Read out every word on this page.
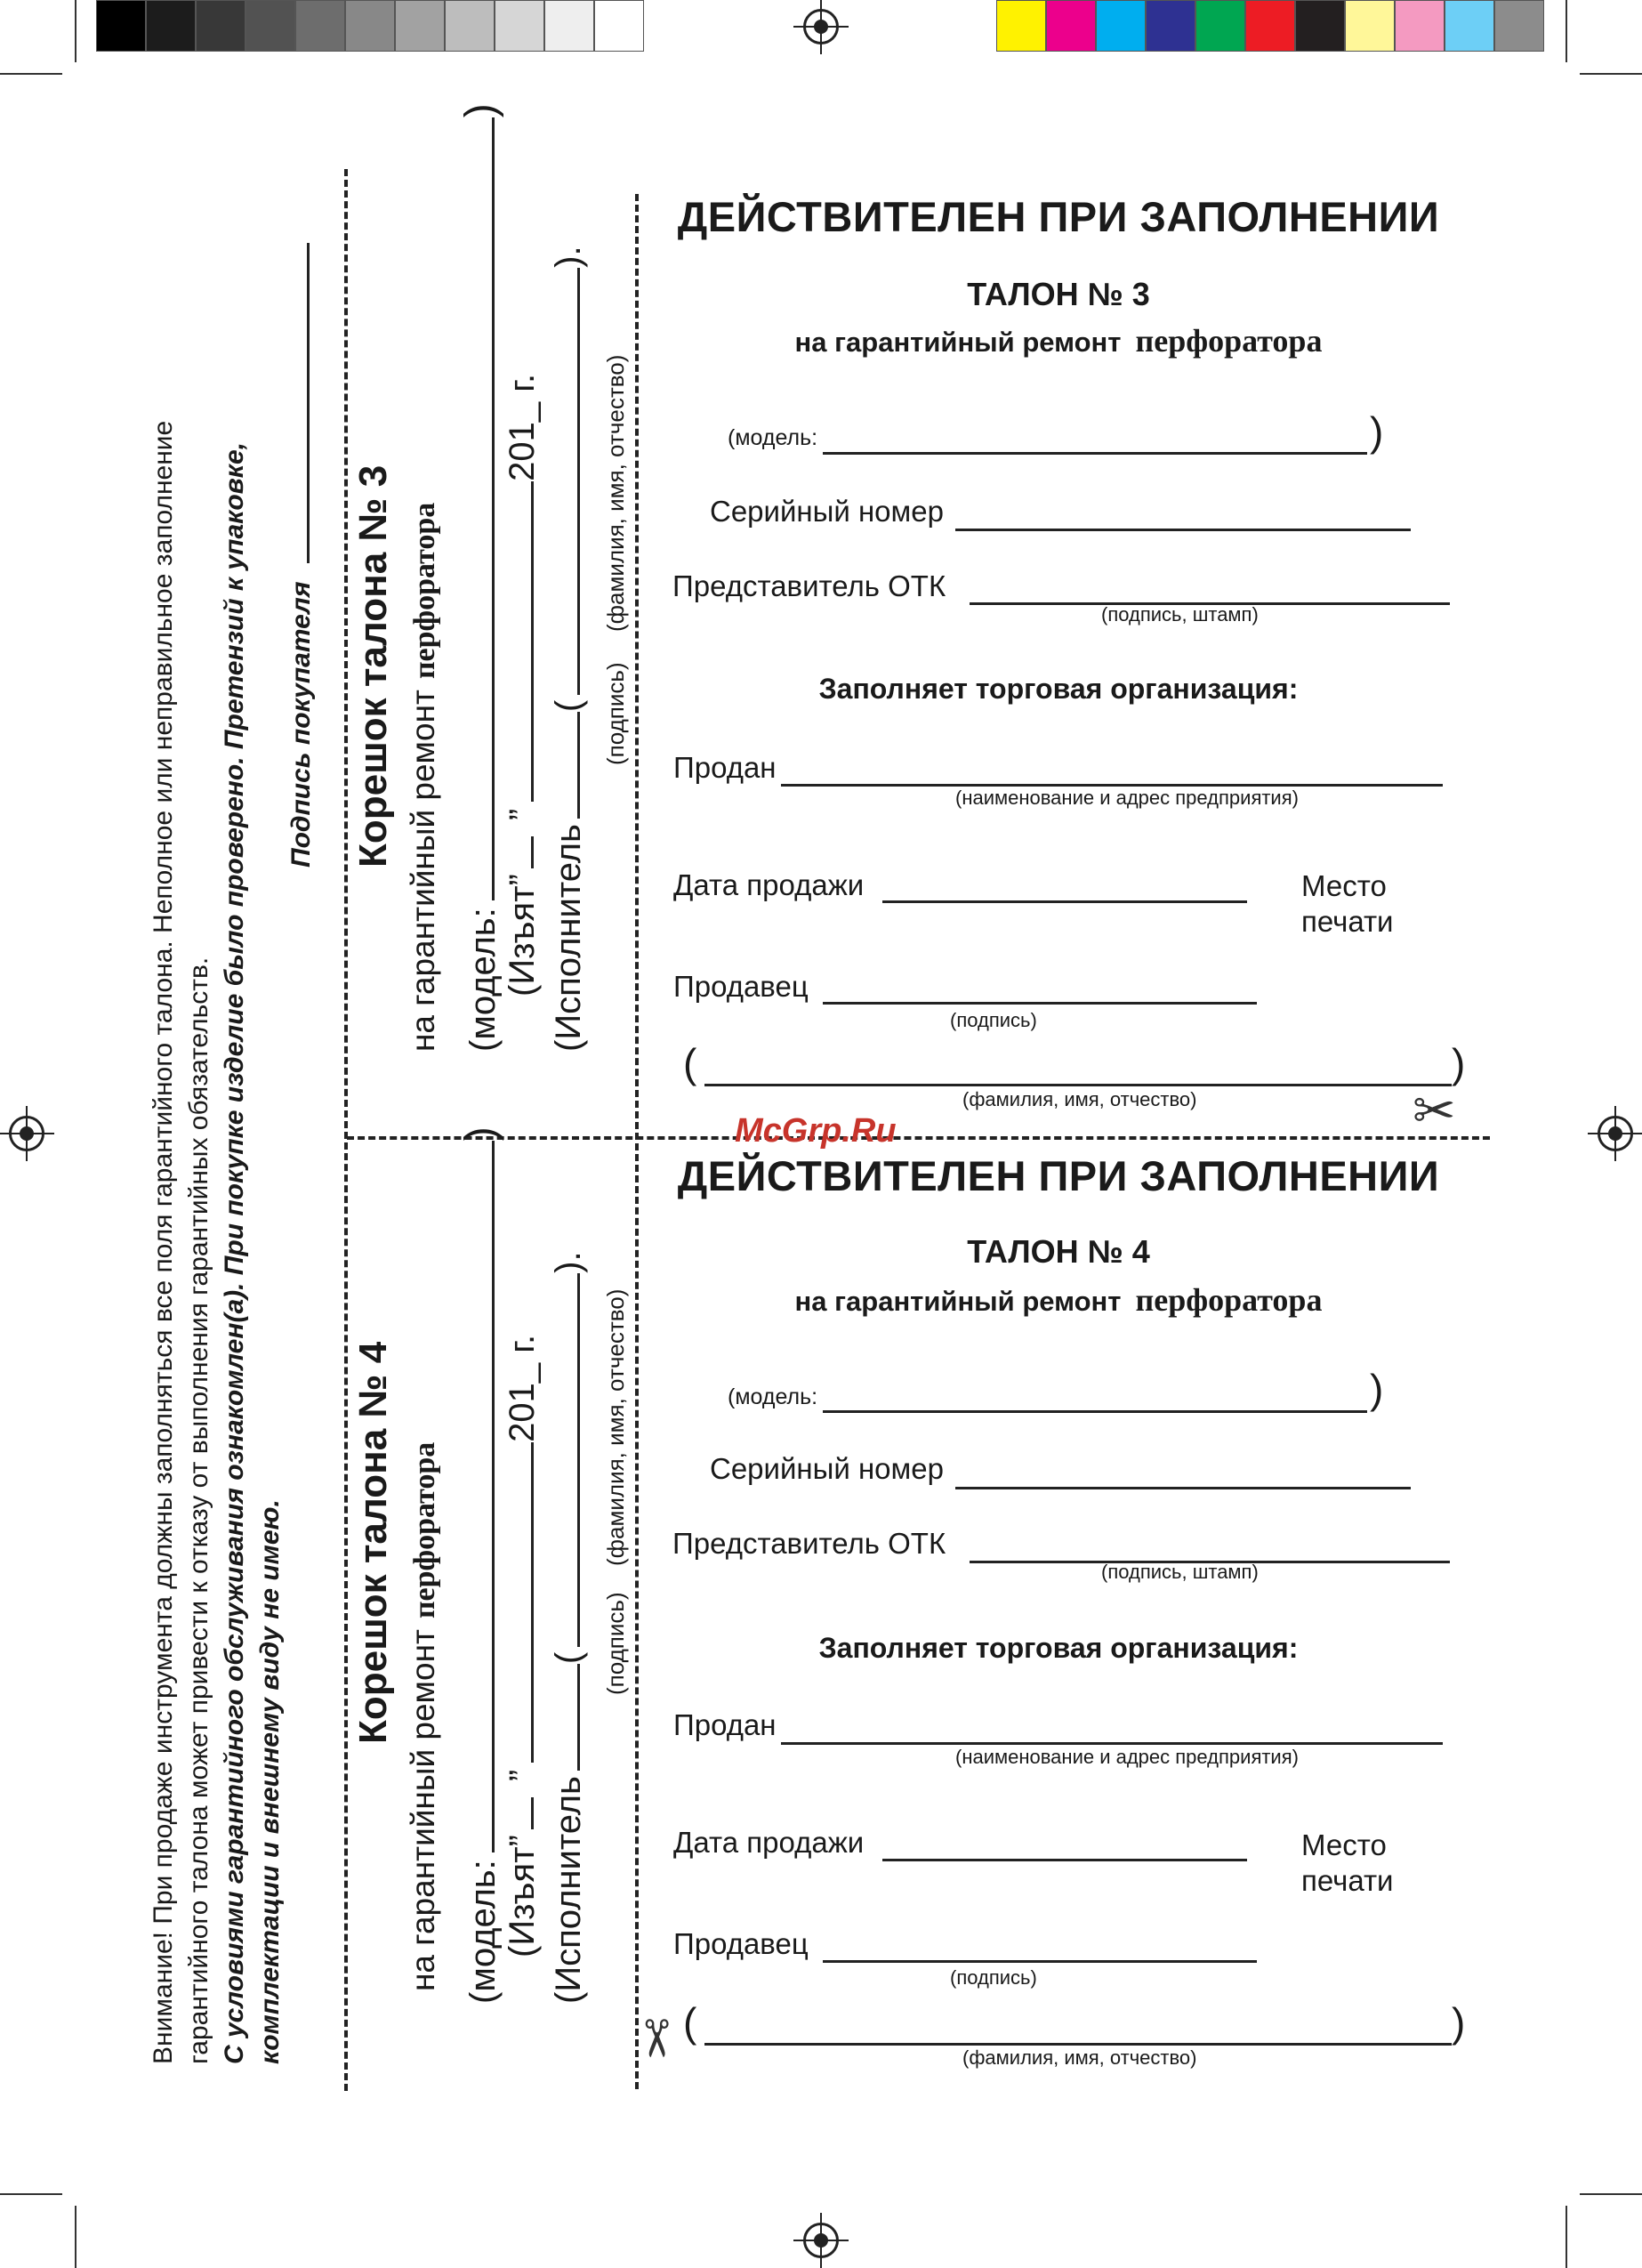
✂
✂
Внимание! При продаже инструмента должны заполняться все поля гарантийного талона. Неполное или неправильное заполнение гарантийного талона может привести к отказу от выполнения гарантийных обязательств. С условиями гарантийного обслуживания ознакомлен(а). При покупке изделие было проверено. Претензий к упаковке, комплектации и внешнему виду не имею.
Подпись покупателя Корешок талона № 3
на гарантийный ремонтперфоратора
(модель:)
(Изъят””201_ г.
(Исполнитель().
(подпись)
(фамилия, имя, отчество)
Корешок талона № 4
на гарантийный ремонтперфоратора
(модель:)
(Изъят””201_ г.
(Исполнитель().
(подпись)
(фамилия, имя, отчество)
ДЕЙСТВИТЕЛЕН ПРИ ЗАПОЛНЕНИИ
ТАЛОН № 3
на гарантийный ремонт перфоратора
(модель:	)
Серийный номер
Представитель ОТК
(подпись, штамп)
Заполняет торговая организация:
Продан
(наименование и адрес предприятия)
Дата продажи	Место
печати
Продавец
(подпись)
(	)
(фамилия, имя, отчество)
McGrp.Ru
ДЕЙСТВИТЕЛЕН ПРИ ЗАПОЛНЕНИИ
ТАЛОН № 4
на гарантийный ремонт перфоратора
(модель:	)
Серийный номер
Представитель ОТК
(подпись, штамп)
Заполняет торговая организация:
Продан
(наименование и адрес предприятия)
Дата продажи	Место
печати
Продавец
(подпись)
(	)
(фамилия, имя, отчество)
